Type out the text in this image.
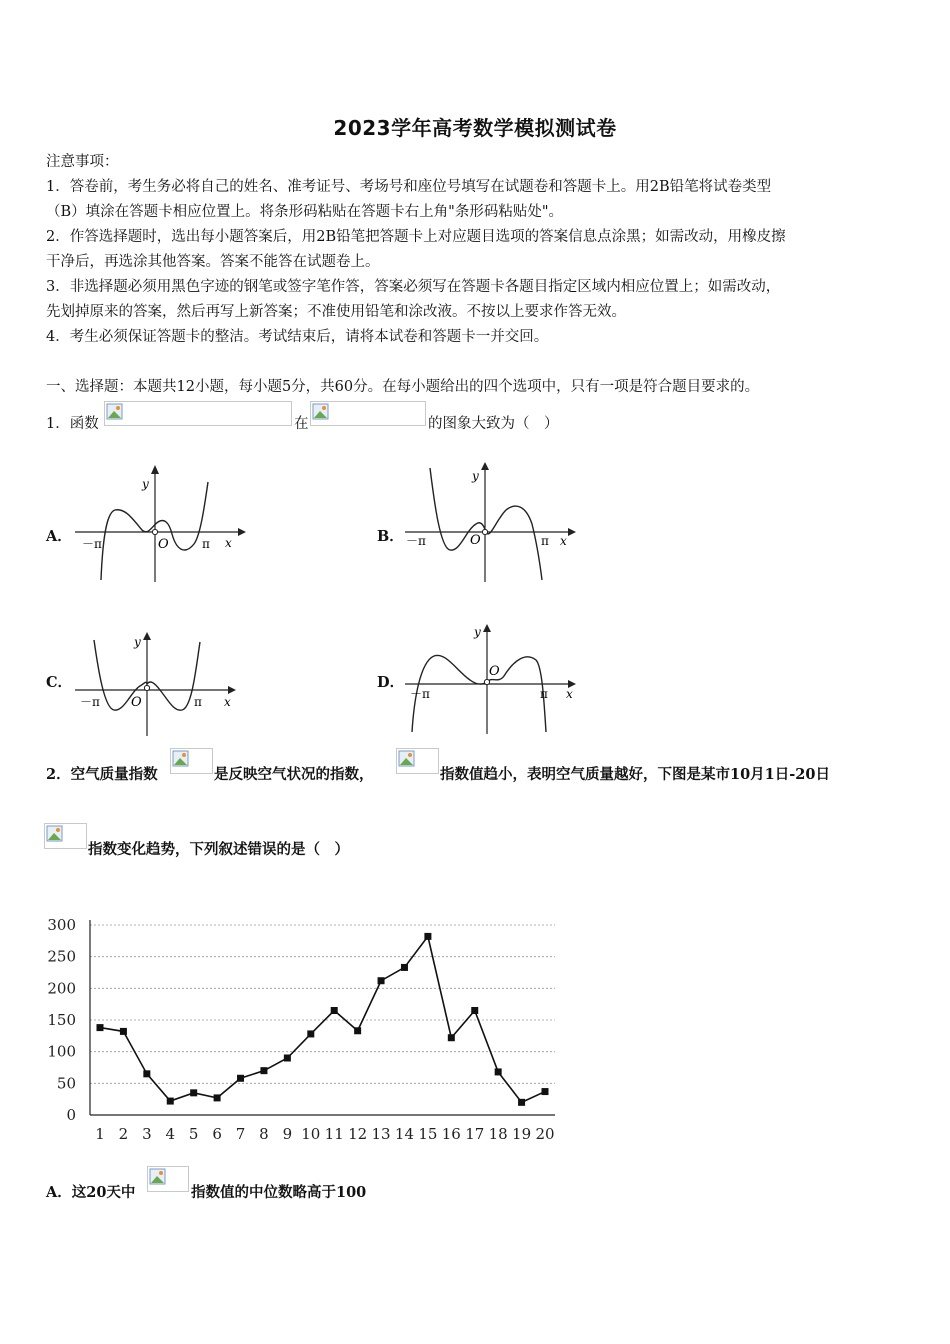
2023学年高考数学模拟测试卷
注意事项：
1．答卷前，考生务必将自己的姓名、准考证号、考场号和座位号填写在试题卷和答题卡上。用2B铅笔将试卷类型
（B）填涂在答题卡相应位置上。将条形码粘贴在答题卡右上角"条形码粘贴处"。
2．作答选择题时，选出每小题答案后，用2B铅笔把答题卡上对应题目选项的答案信息点涂黑；如需改动，用橡皮擦
干净后，再选涂其他答案。答案不能答在试题卷上。
3．非选择题必须用黑色字迹的钢笔或签字笔作答，答案必须写在答题卡各题目指定区域内相应位置上；如需改动，
先划掉原来的答案，然后再写上新答案；不准使用铅笔和涂改液。不按以上要求作答无效。
4．考生必须保证答题卡的整洁。考试结束后，请将本试卷和答题卡一并交回。
一、选择题：本题共12小题，每小题5分，共60分。在每小题给出的四个选项中，只有一项是符合题目要求的。
1．函数	在	的图象大致为（　）
A．	B．
C．	D．
y
x
O
－π	π
y
x
O
－π	π
y
x
O
－π	π
y
x
O
－π	π
2．空气质量指数	是反映空气状况的指数，	指数值趋小，表明空气质量越好，下图是某市10月1日-20日
指数变化趋势，下列叙述错误的是（　）
0
50
100
150
200
250
300
1 2 3 4 5 6 7 8 9 10 11 12 13 14 15 16 17 18 19 20
A．这20天中	指数值的中位数略高于100
